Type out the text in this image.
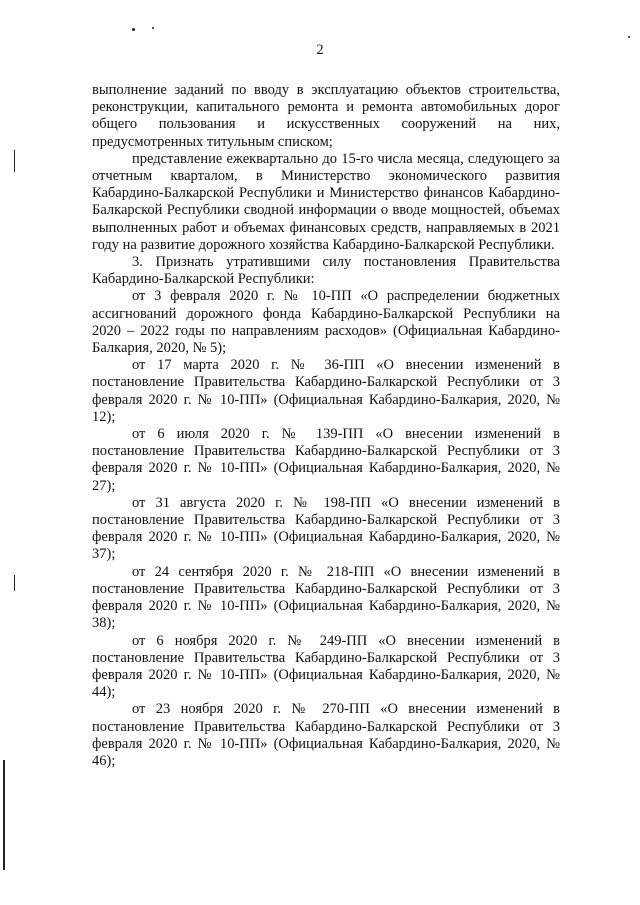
2

выполнение заданий по вводу в эксплуатацию объектов строительства, реконструкции, капитального ремонта и ремонта автомобильных дорог общего пользования и искусственных сооружений на них, предусмотренных титульным списком;

представление ежеквартально до 15-го числа месяца, следующего за отчетным кварталом, в Министерство экономического развития Кабардино-Балкарской Республики и Министерство финансов Кабардино-Балкарской Республики сводной информации о вводе мощностей, объемах выполненных работ и объемах финансовых средств, направляемых в 2021 году на развитие дорожного хозяйства Кабардино-Балкарской Республики.

3. Признать утратившими силу постановления Правительства Кабардино-Балкарской Республики:

от 3 февраля 2020 г. № 10-ПП «О распределении бюджетных ассигнований дорожного фонда Кабардино-Балкарской Республики на 2020 – 2022 годы по направлениям расходов» (Официальная Кабардино-Балкария, 2020, № 5);

от 17 марта 2020 г. № 36-ПП «О внесении изменений в постановление Правительства Кабардино-Балкарской Республики от 3 февраля 2020 г. № 10-ПП» (Официальная Кабардино-Балкария, 2020, № 12);

от 6 июля 2020 г. № 139-ПП «О внесении изменений в постановление Правительства Кабардино-Балкарской Республики от 3 февраля 2020 г. № 10-ПП» (Официальная Кабардино-Балкария, 2020, № 27);

от 31 августа 2020 г. № 198-ПП «О внесении изменений в постановление Правительства Кабардино-Балкарской Республики от 3 февраля 2020 г. № 10-ПП» (Официальная Кабардино-Балкария, 2020, № 37);

от 24 сентября 2020 г. № 218-ПП «О внесении изменений в постановление Правительства Кабардино-Балкарской Республики от 3 февраля 2020 г. № 10-ПП» (Официальная Кабардино-Балкария, 2020, № 38);

от 6 ноября 2020 г. № 249-ПП «О внесении изменений в постановление Правительства Кабардино-Балкарской Республики от 3 февраля 2020 г. № 10-ПП» (Официальная Кабардино-Балкария, 2020, № 44);

от 23 ноября 2020 г. № 270-ПП «О внесении изменений в постановление Правительства Кабардино-Балкарской Республики от 3 февраля 2020 г. № 10-ПП» (Официальная Кабардино-Балкария, 2020, № 46);
